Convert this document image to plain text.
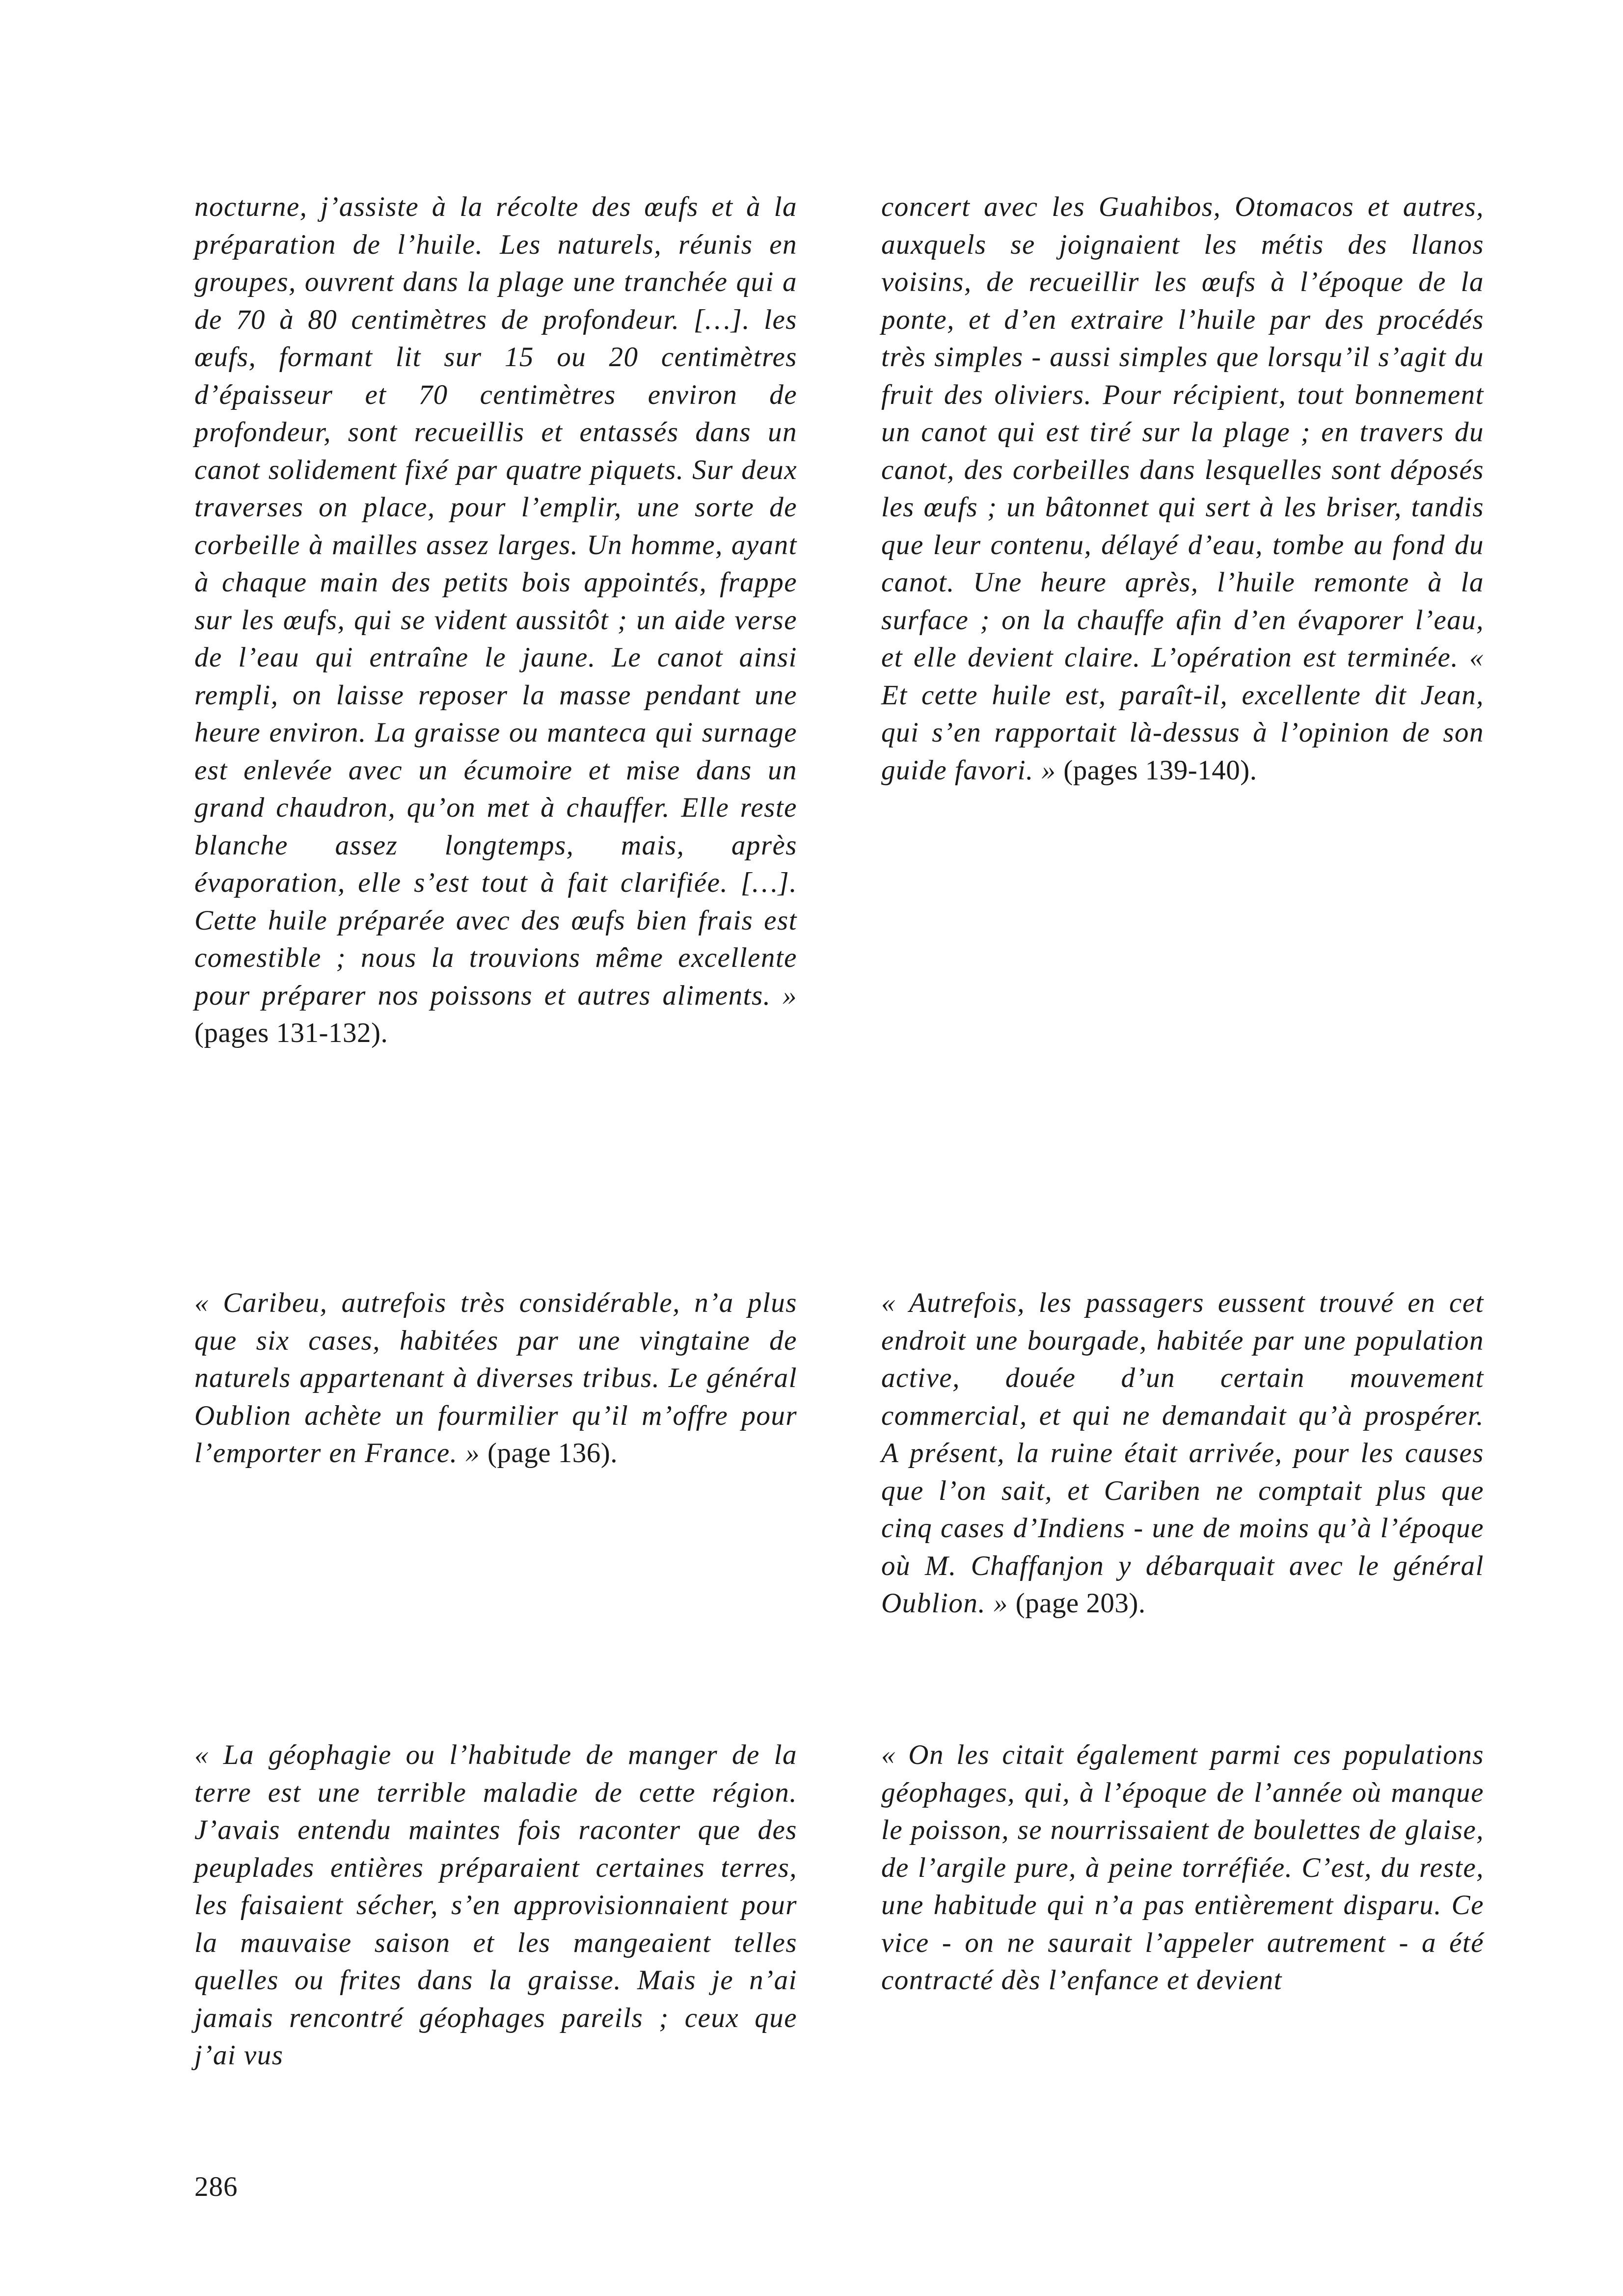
nocturne, j’assiste à la récolte des œufs et à la préparation de l’huile. Les naturels, réunis en groupes, ouvrent dans la plage une tranchée qui a de 70 à 80 centimètres de profondeur. […]. les œufs, formant lit sur 15 ou 20 centimètres d’épaisseur et 70 centimètres environ de profondeur, sont recueillis et entassés dans un canot solidement fixé par quatre piquets. Sur deux traverses on place, pour l’emplir, une sorte de corbeille à mailles assez larges. Un homme, ayant à chaque main des petits bois appointés, frappe sur les œufs, qui se vident aussitôt ; un aide verse de l’eau qui entraîne le jaune. Le canot ainsi rempli, on laisse reposer la masse pendant une heure environ. La graisse ou manteca qui surnage est enlevée avec un écumoire et mise dans un grand chaudron, qu’on met à chauffer. Elle reste blanche assez longtemps, mais, après évaporation, elle s’est tout à fait clarifiée. […]. Cette huile préparée avec des œufs bien frais est comestible ; nous la trouvions même excellente pour préparer nos poissons et autres aliments. » (pages 131-132).
concert avec les Guahibos, Otomacos et autres, auxquels se joignaient les métis des llanos voisins, de recueillir les œufs à l’époque de la ponte, et d’en extraire l’huile par des procédés très simples - aussi simples que lorsqu’il s’agit du fruit des oliviers. Pour récipient, tout bonnement un canot qui est tiré sur la plage ; en travers du canot, des corbeilles dans lesquelles sont déposés les œufs ; un bâtonnet qui sert à les briser, tandis que leur contenu, délayé d’eau, tombe au fond du canot. Une heure après, l’huile remonte à la surface ; on la chauffe afin d’en évaporer l’eau, et elle devient claire. L’opération est terminée. « Et cette huile est, paraît-il, excellente dit Jean, qui s’en rapportait là-dessus à l’opinion de son guide favori. » (pages 139-140).
« Caribeu, autrefois très considérable, n’a plus que six cases, habitées par une vingtaine de naturels appartenant à diverses tribus. Le général Oublion achète un fourmilier qu’il m’offre pour l’emporter en France. » (page 136).
« Autrefois, les passagers eussent trouvé en cet endroit une bourgade, habitée par une population active, douée d’un certain mouvement commercial, et qui ne demandait qu’à prospérer. A présent, la ruine était arrivée, pour les causes que l’on sait, et Cariben ne comptait plus que cinq cases d’Indiens - une de moins qu’à l’époque où M. Chaffanjon y débarquait avec le général Oublion. » (page 203).
« La géophagie ou l’habitude de manger de la terre est une terrible maladie de cette région. J’avais entendu maintes fois raconter que des peuplades entières préparaient certaines terres, les faisaient sécher, s’en approvisionnaient pour la mauvaise saison et les mangeaient telles quelles ou frites dans la graisse. Mais je n’ai jamais rencontré géophages pareils ; ceux que j’ai vus
« On les citait également parmi ces populations géophages, qui, à l’époque de l’année où manque le poisson, se nourrissaient de boulettes de glaise, de l’argile pure, à peine torréfiée. C’est, du reste, une habitude qui n’a pas entièrement disparu. Ce vice - on ne saurait l’appeler autrement - a été contracté dès l’enfance et devient
286
